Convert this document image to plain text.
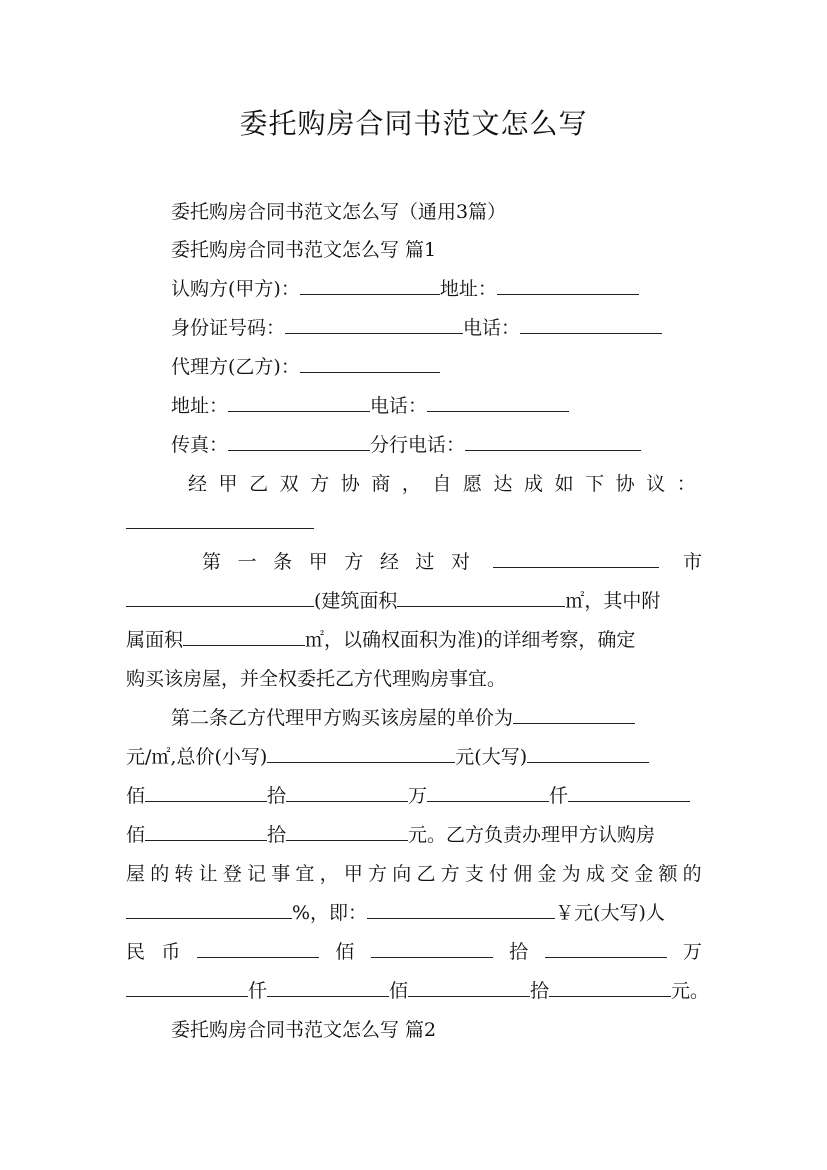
委托购房合同书范文怎么写
委托购房合同书范文怎么写（通用3篇）
委托购房合同书范文怎么写 篇1
认购方(甲方)：	地址：
身份证号码：	电话：
代理方(乙方)：
地址：	电话：
传真：	分行电话：
经 甲 乙 双 方 协 商 ， 自 愿 达 成 如 下 协 议 ：
第 一 条 甲 方 经 过 对	市
(建筑面积	㎡，其中附
属面积	㎡，以确权面积为准)的详细考察，确定
购买该房屋，并全权委托乙方代理购房事宜。
第二条乙方代理甲方购买该房屋的单价为
元/㎡,总价(小写)	元(大写)
佰	拾	万	仟
佰	拾	元。乙方负责办理甲方认购房
屋 的 转 让 登 记 事 宜 ， 甲 方 向 乙 方 支 付 佣 金 为 成 交 金 额 的
%，即：	￥元(大写)人
民 币	佰	拾	万
仟	佰	拾	元。
委托购房合同书范文怎么写 篇2
